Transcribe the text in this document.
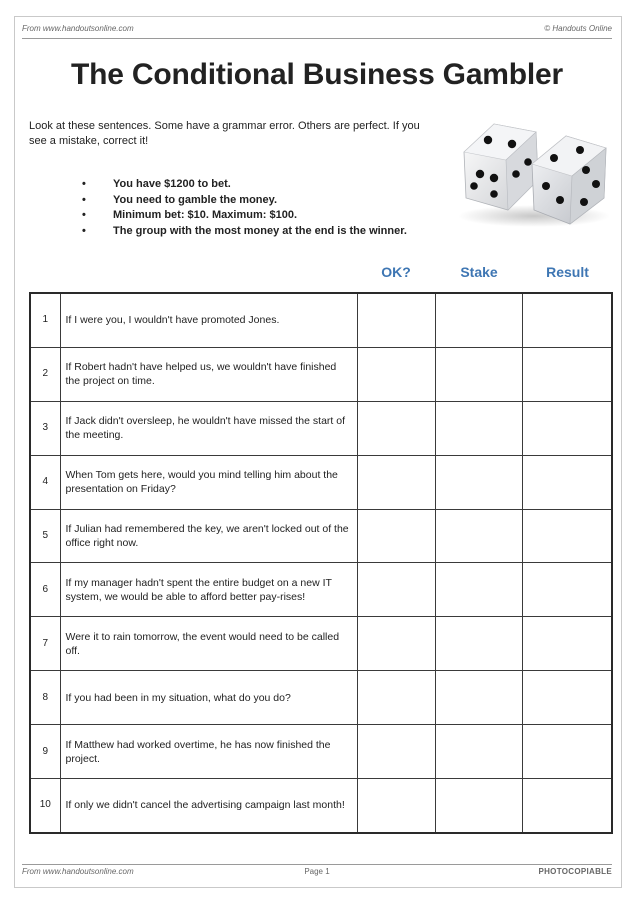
From www.handoutsonline.com	© Handouts Online
The Conditional Business Gambler
Look at these sentences. Some have a grammar error. Others are perfect. If you see a mistake, correct it!
• You have $1200 to bet.
• You need to gamble the money.
• Minimum bet: $10. Maximum: $100.
• The group with the most money at the end is the winner.
OK?	Stake	Result
1	If I were you, I wouldn't have promoted Jones.			
2	If Robert hadn't have helped us, we wouldn't have finished the project on time.			
3	If Jack didn't oversleep, he wouldn't have missed the start of the meeting.			
4	When Tom gets here, would you mind telling him about the presentation on Friday?			
5	If Julian had remembered the key, we aren't locked out of the office right now.			
6	If my manager hadn't spent the entire budget on a new IT system, we would be able to afford better pay-rises!			
7	Were it to rain tomorrow, the event would need to be called off.			
8	If you had been in my situation, what do you do?			
9	If Matthew had worked overtime, he has now finished the project.			
10	If only we didn't cancel the advertising campaign last month!			
From www.handoutsonline.com	Page 1	PHOTOCOPIABLE
